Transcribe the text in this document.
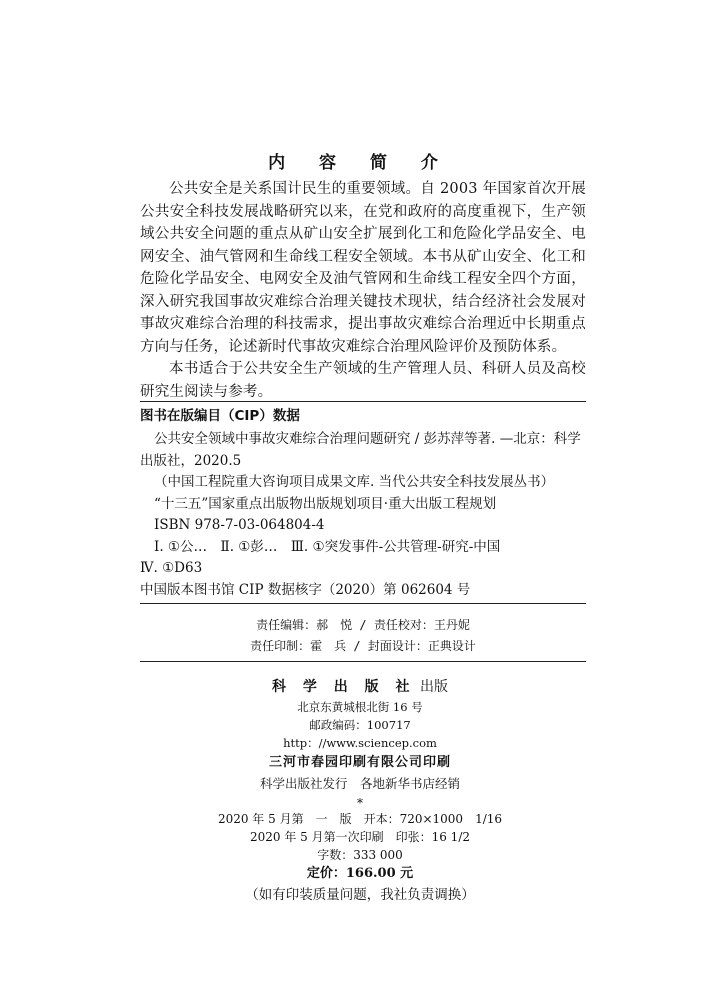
内 容 简 介

公共安全是关系国计民生的重要领域。自 2003 年国家首次开展公共安全科技发展战略研究以来，在党和政府的高度重视下，生产领域公共安全问题的重点从矿山安全扩展到化工和危险化学品安全、电网安全、油气管网和生命线工程安全领域。本书从矿山安全、化工和危险化学品安全、电网安全及油气管网和生命线工程安全四个方面，深入研究我国事故灾难综合治理关键技术现状，结合经济社会发展对事故灾难综合治理的科技需求，提出事故灾难综合治理近中长期重点方向与任务，论述新时代事故灾难综合治理风险评价及预防体系。

本书适合于公共安全生产领域的生产管理人员、科研人员及高校研究生阅读与参考。

图书在版编目（CIP）数据
公共安全领域中事故灾难综合治理问题研究 / 彭苏萍等著. —北京：科学
出版社，2020.5
（中国工程院重大咨询项目成果文库. 当代公共安全科技发展丛书）
“十三五”国家重点出版物出版规划项目·重大出版工程规划
ISBN 978-7-03-064804-4
Ⅰ. ①公…　Ⅱ. ①彭…　Ⅲ. ①突发事件-公共管理-研究-中国
Ⅳ. ①D63
中国版本图书馆 CIP 数据核字（2020）第 062604 号
责任编辑：郝　悦 / 责任校对：王丹妮
责任印制：霍　兵 / 封面设计：正典设计
科 学 出 版 社 出版
北京东黄城根北街 16 号
邮政编码：100717
http：//www.sciencep.com
三河市春园印刷有限公司印刷
科学出版社发行　各地新华书店经销
*
2020 年 5 月第　一　版　开本：720×1000　1/16
2020 年 5 月第一次印刷　印张：16 1/2
字数：333 000
定价：166.00 元
（如有印装质量问题，我社负责调换）
